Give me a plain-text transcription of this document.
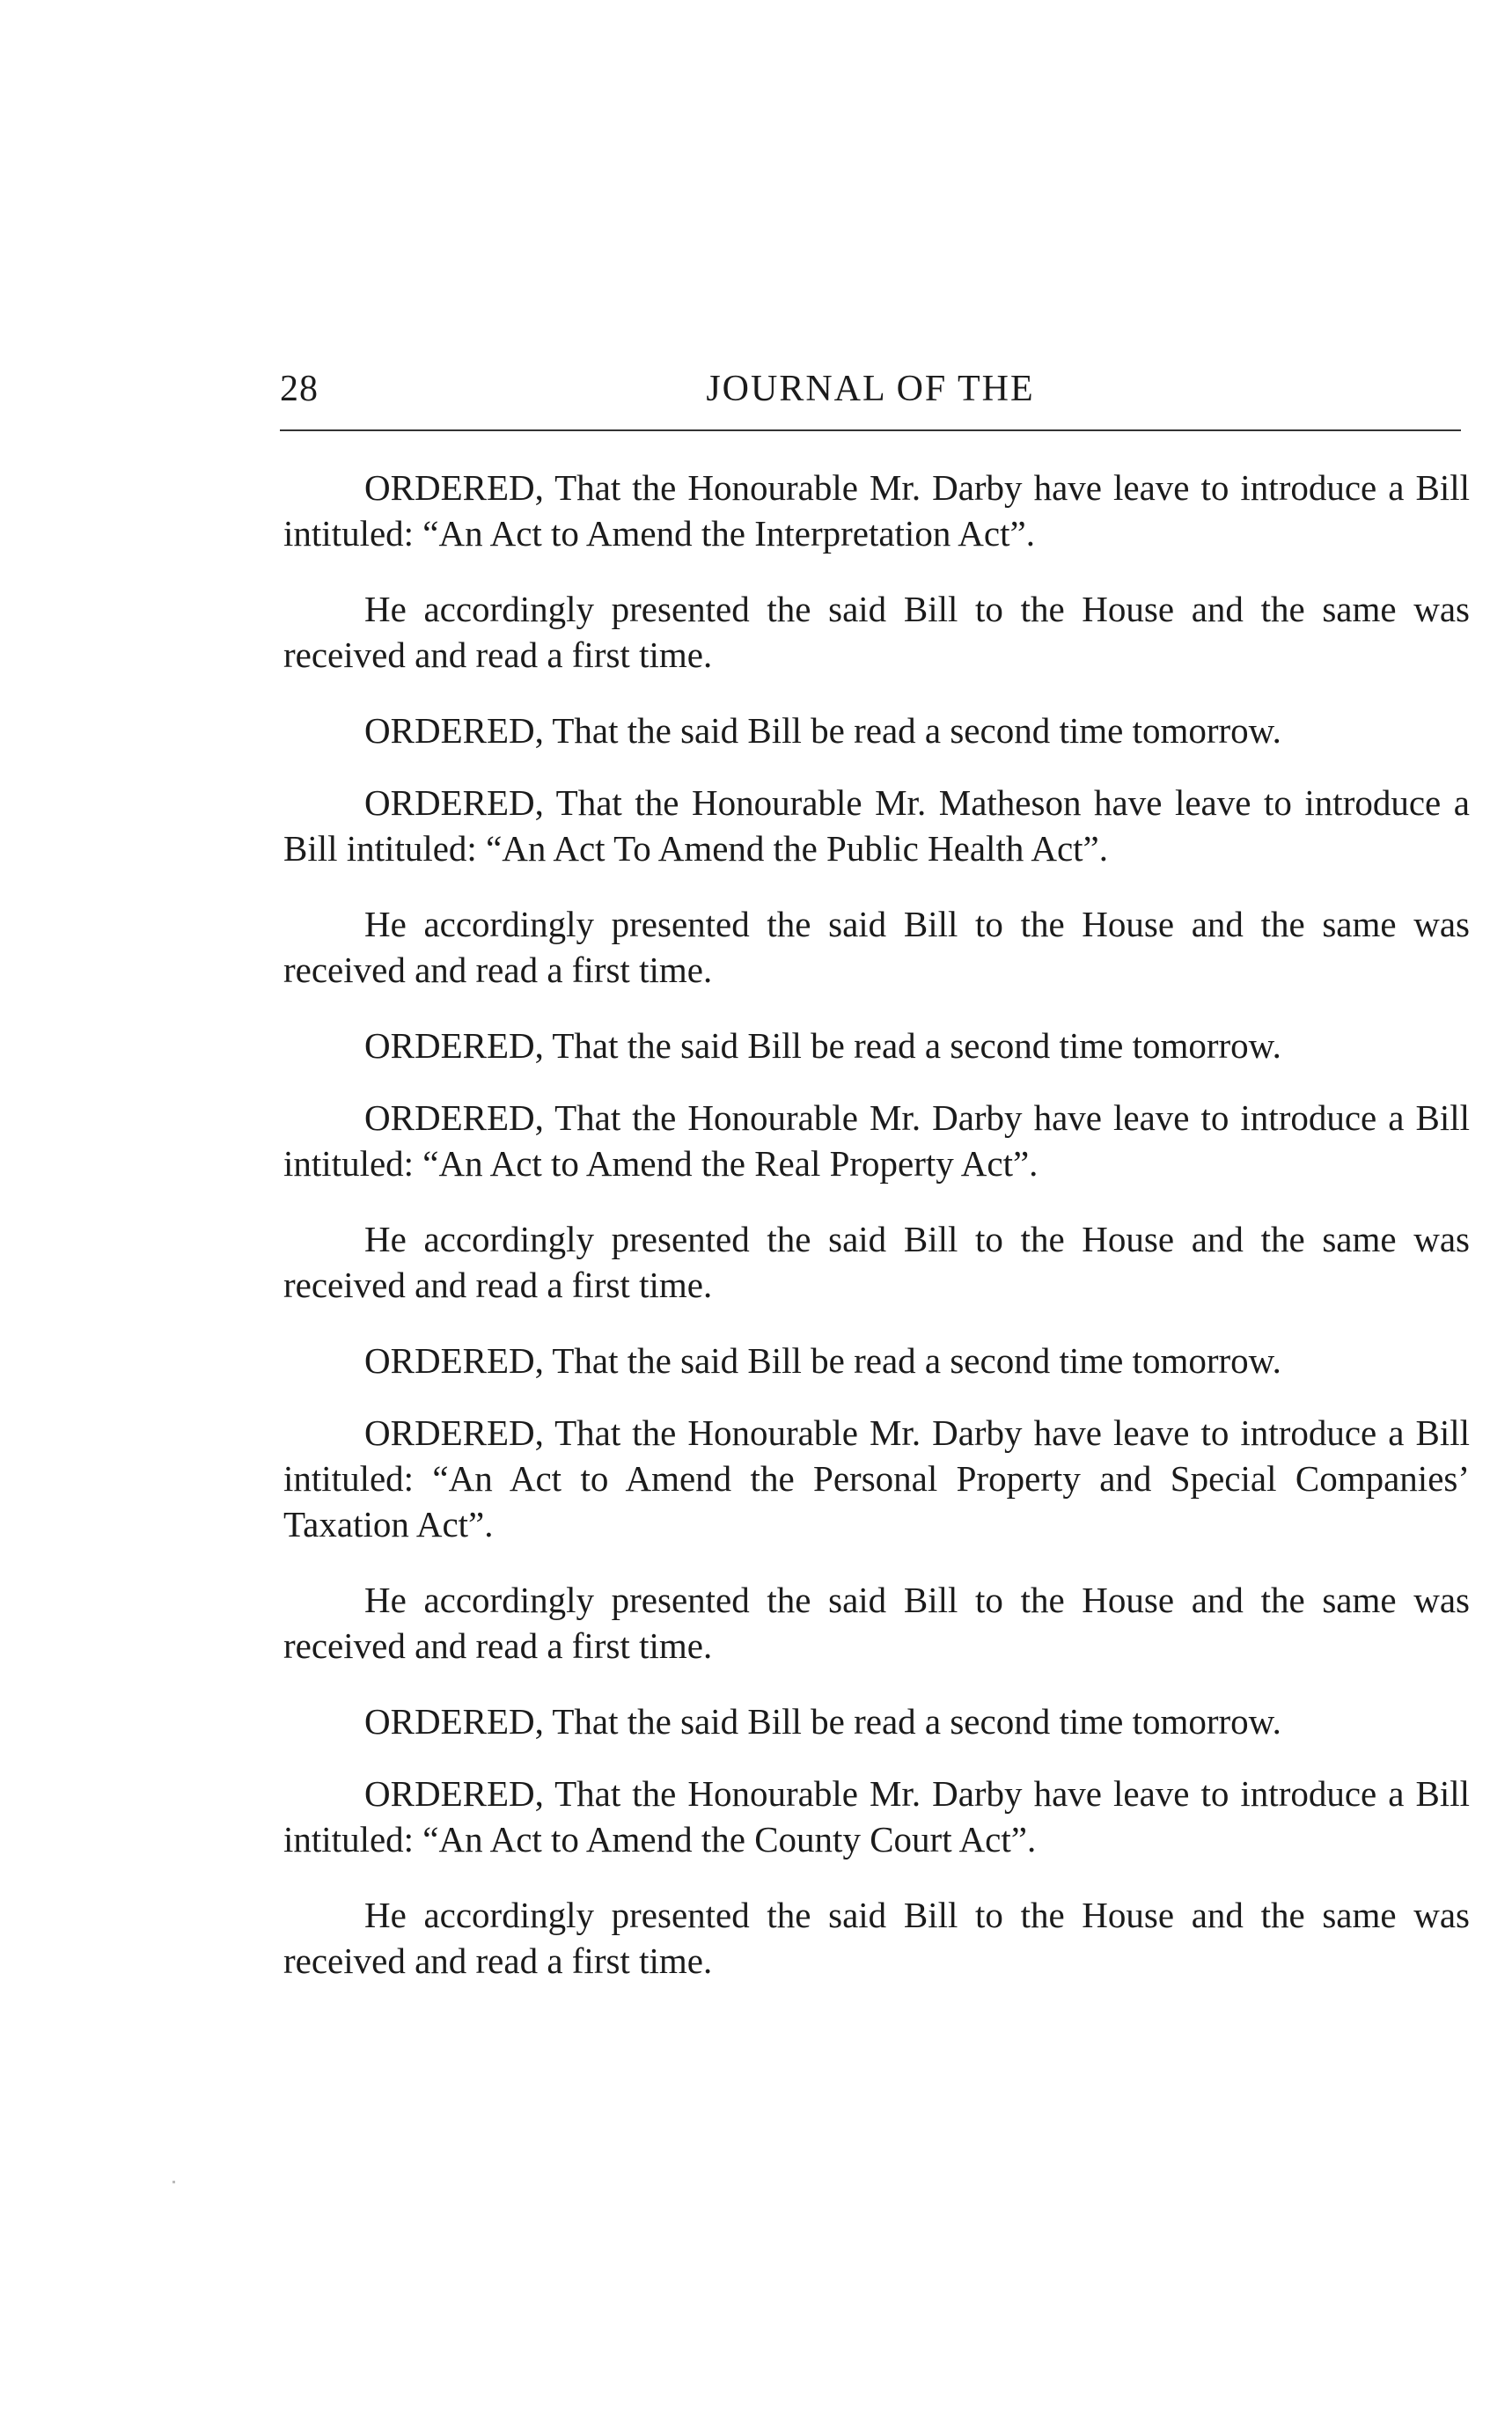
28	JOURNAL OF THE

ORDERED, That the Honourable Mr. Darby have leave to introduce a Bill intituled: “An Act to Amend the Interpretation Act”.

He accordingly presented the said Bill to the House and the same was received and read a first time.

ORDERED, That the said Bill be read a second time tomorrow.

ORDERED, That the Honourable Mr. Matheson have leave to introduce a Bill intituled: “An Act To Amend the Public Health Act”.

He accordingly presented the said Bill to the House and the same was received and read a first time.

ORDERED, That the said Bill be read a second time tomorrow.

ORDERED, That the Honourable Mr. Darby have leave to introduce a Bill intituled: “An Act to Amend the Real Property Act”.

He accordingly presented the said Bill to the House and the same was received and read a first time.

ORDERED, That the said Bill be read a second time tomorrow.

ORDERED, That the Honourable Mr. Darby have leave to introduce a Bill intituled: “An Act to Amend the Personal Property and Special Companies’ Taxation Act”.

He accordingly presented the said Bill to the House and the same was received and read a first time.

ORDERED, That the said Bill be read a second time tomorrow.

ORDERED, That the Honourable Mr. Darby have leave to introduce a Bill intituled: “An Act to Amend the County Court Act”.

He accordingly presented the said Bill to the House and the same was received and read a first time.
